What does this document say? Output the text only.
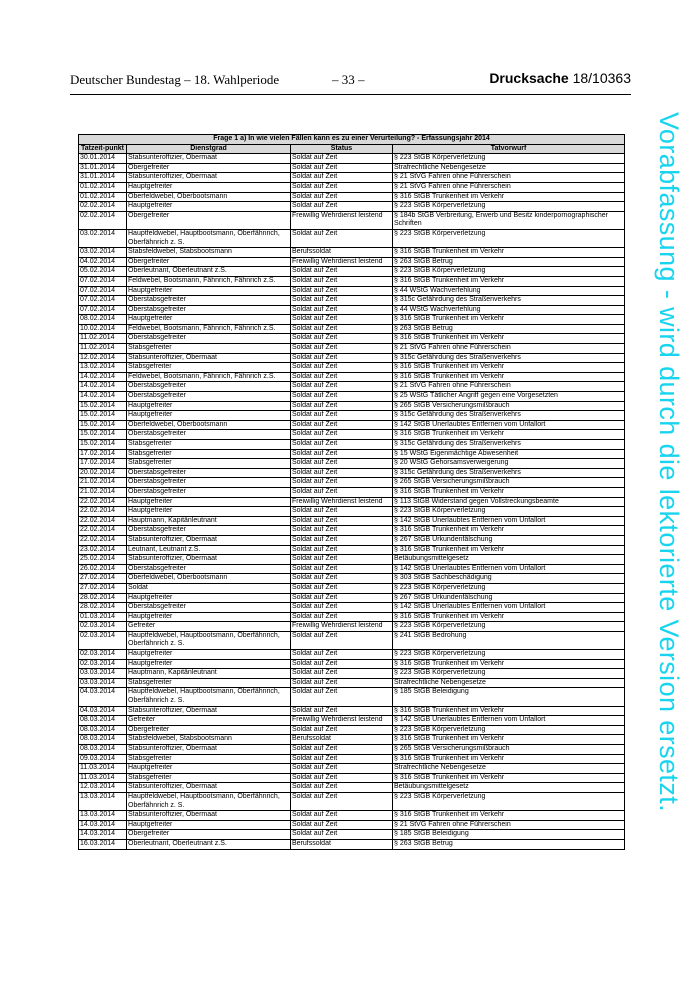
Deutscher Bundestag – 18. Wahlperiode	– 33 –	Drucksache 18/10363
Vorabfassung - wird durch die lektorierte Version ersetzt.
Frage 1 a) In wie vielen Fällen kann es zu einer Verurteilung? - Erfassungsjahr 2014			
Tatzeit-punkt	Dienstgrad	Status	Tatvorwurf
30.01.2014	Stabsunteroffizier, Obermaat	Soldat auf Zeit	§ 223 StGB Körperverletzung
31.01.2014	Obergefreiter	Soldat auf Zeit	Strafrechtliche Nebengesetze
31.01.2014	Stabsunteroffizier, Obermaat	Soldat auf Zeit	§ 21 StVG Fahren ohne Führerschein
01.02.2014	Hauptgefreiter	Soldat auf Zeit	§ 21 StVG Fahren ohne Führerschein
01.02.2014	Oberfeldwebel, Oberbootsmann	Soldat auf Zeit	§ 316 StGB Trunkenheit im Verkehr
02.02.2014	Hauptgefreiter	Soldat auf Zeit	§ 223 StGB Körperverletzung
02.02.2014	Obergefreiter	Freiwillig Wehrdienst leistend	§ 184b StGB Verbreitung, Erwerb und Besitz kinderpornographischer Schriften
03.02.2014	Hauptfeldwebel, Hauptbootsmann, Oberfähnrich, Oberfähnrich z. S.	Soldat auf Zeit	§ 223 StGB Körperverletzung
03.02.2014	Stabsfeldwebel, Stabsbootsmann	Berufssoldat	§ 316 StGB Trunkenheit im Verkehr
04.02.2014	Obergefreiter	Freiwillig Wehrdienst leistend	§ 263 StGB Betrug
05.02.2014	Oberleutnant, Oberleutnant z.S.	Soldat auf Zeit	§ 223 StGB Körperverletzung
07.02.2014	Feldwebel, Bootsmann, Fähnrich, Fähnrich z.S.	Soldat auf Zeit	§ 316 StGB Trunkenheit im Verkehr
07.02.2014	Hauptgefreiter	Soldat auf Zeit	§ 44 WStG Wachverfehlung
07.02.2014	Oberstabsgefreiter	Soldat auf Zeit	§ 315c Gefährdung des Straßenverkehrs
07.02.2014	Oberstabsgefreiter	Soldat auf Zeit	§ 44 WStG Wachverfehlung
08.02.2014	Hauptgefreiter	Soldat auf Zeit	§ 316 StGB Trunkenheit im Verkehr
10.02.2014	Feldwebel, Bootsmann, Fähnrich, Fähnrich z.S.	Soldat auf Zeit	§ 263 StGB Betrug
11.02.2014	Oberstabsgefreiter	Soldat auf Zeit	§ 316 StGB Trunkenheit im Verkehr
11.02.2014	Stabsgefreiter	Soldat auf Zeit	§ 21 StVG Fahren ohne Führerschein
12.02.2014	Stabsunteroffizier, Obermaat	Soldat auf Zeit	§ 315c Gefährdung des Straßenverkehrs
13.02.2014	Stabsgefreiter	Soldat auf Zeit	§ 316 StGB Trunkenheit im Verkehr
14.02.2014	Feldwebel, Bootsmann, Fähnrich, Fähnrich z.S.	Soldat auf Zeit	§ 316 StGB Trunkenheit im Verkehr
14.02.2014	Oberstabsgefreiter	Soldat auf Zeit	§ 21 StVG Fahren ohne Führerschein
14.02.2014	Oberstabsgefreiter	Soldat auf Zeit	§ 25 WStG Tätlicher Angriff gegen eine Vorgesetzten
15.02.2014	Hauptgefreiter	Soldat auf Zeit	§ 265 StGB Versicherungsmißbrauch
15.02.2014	Hauptgefreiter	Soldat auf Zeit	§ 315c Gefährdung des Straßenverkehrs
15.02.2014	Oberfeldwebel, Oberbootsmann	Soldat auf Zeit	§ 142 StGB Unerlaubtes Entfernen vom Unfallort
15.02.2014	Oberstabsgefreiter	Soldat auf Zeit	§ 316 StGB Trunkenheit im Verkehr
15.02.2014	Stabsgefreiter	Soldat auf Zeit	§ 315c Gefährdung des Straßenverkehrs
17.02.2014	Stabsgefreiter	Soldat auf Zeit	§ 15 WStG Eigenmächtige Abwesenheit
17.02.2014	Stabsgefreiter	Soldat auf Zeit	§ 20 WStG Gehorsamsverweigerung
20.02.2014	Oberstabsgefreiter	Soldat auf Zeit	§ 315c Gefährdung des Straßenverkehrs
21.02.2014	Oberstabsgefreiter	Soldat auf Zeit	§ 265 StGB Versicherungsmißbrauch
21.02.2014	Oberstabsgefreiter	Soldat auf Zeit	§ 316 StGB Trunkenheit im Verkehr
22.02.2014	Hauptgefreiter	Freiwillig Wehrdienst leistend	§ 113 StGB Widerstand gegen Vollstreckungsbeamte
22.02.2014	Hauptgefreiter	Soldat auf Zeit	§ 223 StGB Körperverletzung
22.02.2014	Hauptmann, Kapitänleutnant	Soldat auf Zeit	§ 142 StGB Unerlaubtes Entfernen vom Unfallort
22.02.2014	Oberstabsgefreiter	Soldat auf Zeit	§ 316 StGB Trunkenheit im Verkehr
22.02.2014	Stabsunteroffizier, Obermaat	Soldat auf Zeit	§ 267 StGB Urkundenfälschung
23.02.2014	Leutnant, Leutnant z.S.	Soldat auf Zeit	§ 316 StGB Trunkenheit im Verkehr
25.02.2014	Stabsunteroffizier, Obermaat	Soldat auf Zeit	Betäubungsmittelgesetz
26.02.2014	Oberstabsgefreiter	Soldat auf Zeit	§ 142 StGB Unerlaubtes Entfernen vom Unfallort
27.02.2014	Oberfeldwebel, Oberbootsmann	Soldat auf Zeit	§ 303 StGB Sachbeschädigung
27.02.2014	Soldat	Soldat auf Zeit	§ 223 StGB Körperverletzung
28.02.2014	Hauptgefreiter	Soldat auf Zeit	§ 267 StGB Urkundenfälschung
28.02.2014	Oberstabsgefreiter	Soldat auf Zeit	§ 142 StGB Unerlaubtes Entfernen vom Unfallort
01.03.2014	Hauptgefreiter	Soldat auf Zeit	§ 316 StGB Trunkenheit im Verkehr
02.03.2014	Gefreiter	Freiwillig Wehrdienst leistend	§ 223 StGB Körperverletzung
02.03.2014	Hauptfeldwebel, Hauptbootsmann, Oberfähnrich, Oberfähnrich z. S.	Soldat auf Zeit	§ 241 StGB Bedrohung
02.03.2014	Hauptgefreiter	Soldat auf Zeit	§ 223 StGB Körperverletzung
02.03.2014	Hauptgefreiter	Soldat auf Zeit	§ 316 StGB Trunkenheit im Verkehr
03.03.2014	Hauptmann, Kapitänleutnant	Soldat auf Zeit	§ 223 StGB Körperverletzung
03.03.2014	Stabsgefreiter	Soldat auf Zeit	Strafrechtliche Nebengesetze
04.03.2014	Hauptfeldwebel, Hauptbootsmann, Oberfähnrich, Oberfähnrich z. S.	Soldat auf Zeit	§ 185 StGB Beleidigung
04.03.2014	Stabsunteroffizier, Obermaat	Soldat auf Zeit	§ 316 StGB Trunkenheit im Verkehr
08.03.2014	Gefreiter	Freiwillig Wehrdienst leistend	§ 142 StGB Unerlaubtes Entfernen vom Unfallort
08.03.2014	Obergefreiter	Soldat auf Zeit	§ 223 StGB Körperverletzung
08.03.2014	Stabsfeldwebel, Stabsbootsmann	Berufssoldat	§ 316 StGB Trunkenheit im Verkehr
08.03.2014	Stabsunteroffizier, Obermaat	Soldat auf Zeit	§ 265 StGB Versicherungsmißbrauch
09.03.2014	Stabsgefreiter	Soldat auf Zeit	§ 316 StGB Trunkenheit im Verkehr
11.03.2014	Hauptgefreiter	Soldat auf Zeit	Strafrechtliche Nebengesetze
11.03.2014	Stabsgefreiter	Soldat auf Zeit	§ 316 StGB Trunkenheit im Verkehr
12.03.2014	Stabsunteroffizier, Obermaat	Soldat auf Zeit	Betäubungsmittelgesetz
13.03.2014	Hauptfeldwebel, Hauptbootsmann, Oberfähnrich, Oberfähnrich z. S.	Soldat auf Zeit	§ 223 StGB Körperverletzung
13.03.2014	Stabsunteroffizier, Obermaat	Soldat auf Zeit	§ 316 StGB Trunkenheit im Verkehr
14.03.2014	Hauptgefreiter	Soldat auf Zeit	§ 21 StVG Fahren ohne Führerschein
14.03.2014	Obergefreiter	Soldat auf Zeit	§ 185 StGB Beleidigung
16.03.2014	Oberleutnant, Oberleutnant z.S.	Berufssoldat	§ 263 StGB Betrug
